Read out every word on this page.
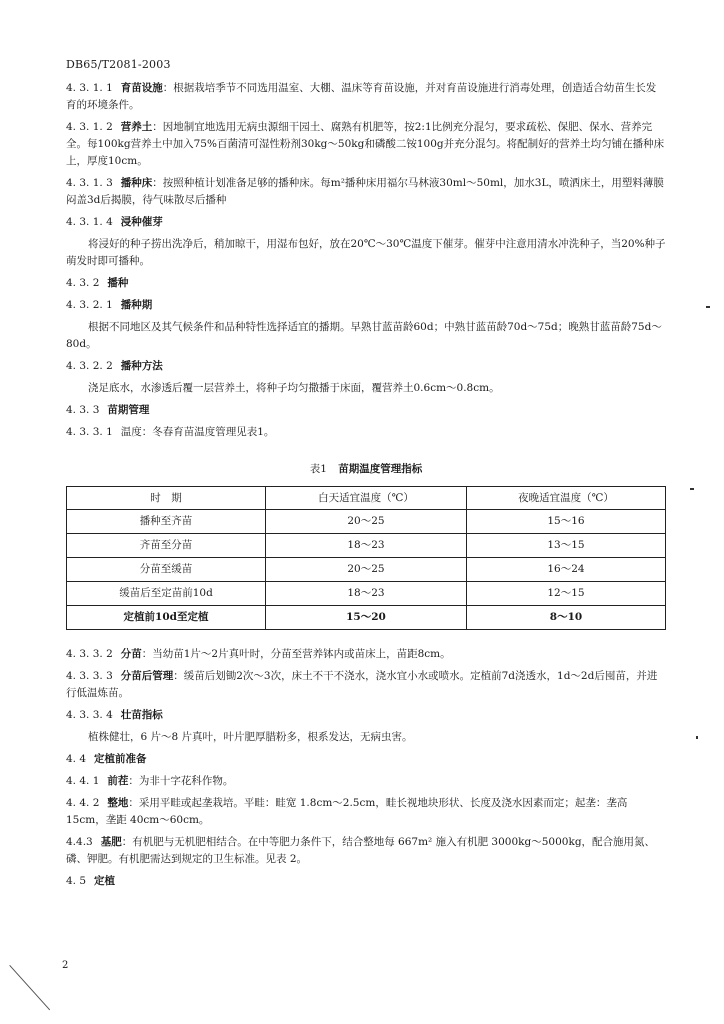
DB65/T2081-2003
4. 3. 1. 1 育苗设施：根据栽培季节不同选用温室、大棚、温床等育苗设施，并对育苗设施进行消毒处理，创造适合幼苗生长发育的环境条件。
4. 3. 1. 2 营养土：因地制宜地选用无病虫源细干园土、腐熟有机肥等，按2:1比例充分混匀，要求疏松、保肥、保水、营养完全。每100kg营养土中加入75%百菌清可湿性粉剂30kg～50kg和磷酸二铵100g并充分混匀。将配制好的营养土均匀铺在播种床上，厚度10cm。
4. 3. 1. 3 播种床：按照种植计划准备足够的播种床。每m²播种床用福尔马林液30ml～50ml，加水3L，喷洒床土，用塑料薄膜闷盖3d后揭膜，待气味散尽后播种
4. 3. 1. 4 浸种催芽
将浸好的种子捞出洗净后，稍加晾干，用湿布包好，放在20℃～30℃温度下催芽。催芽中注意用清水冲洗种子，当20%种子萌发时即可播种。
4. 3. 2 播种
4. 3. 2. 1 播种期
根据不同地区及其气候条件和品种特性选择适宜的播期。早熟甘蓝苗龄60d；中熟甘蓝苗龄70d～75d；晚熟甘蓝苗龄75d～80d。
4. 3. 2. 2 播种方法
浇足底水，水渗透后覆一层营养土，将种子均匀撒播于床面，覆营养土0.6cm～0.8cm。
4. 3. 3 苗期管理
4. 3. 3. 1 温度：冬春育苗温度管理见表1。
表1 苗期温度管理指标
时　期	白天适宜温度（℃）	夜晚适宜温度（℃）
播种至齐苗	20～25	15～16
齐苗至分苗	18～23	13～15
分苗至缓苗	20～25	16～24
缓苗后至定苗前10d	18～23	12～15
定植前10d至定植	15～20	8～10
4. 3. 3. 2 分苗：当幼苗1片～2片真叶时，分苗至营养钵内或苗床上，苗距8cm。
4. 3. 3. 3 分苗后管理：缓苗后划锄2次～3次，床土不干不浇水，浇水宜小水或喷水。定植前7d浇透水，1d～2d后囤苗，并进行低温炼苗。
4. 3. 3. 4 壮苗指标
植株健壮，6 片～8 片真叶，叶片肥厚腊粉多，根系发达，无病虫害。
4. 4 定植前准备
4. 4. 1 前茬：为非十字花科作物。
4. 4. 2 整地：采用平畦或起垄栽培。平畦：畦宽 1.8cm～2.5cm，畦长视地块形状、长度及浇水因素而定；起垄：垄高 15cm，垄距 40cm～60cm。
4.4.3 基肥：有机肥与无机肥相结合。在中等肥力条件下，结合整地每 667m² 施入有机肥 3000kg～5000kg，配合施用氮、磷、钾肥。有机肥需达到规定的卫生标准。见表 2。
4. 5 定植
2
